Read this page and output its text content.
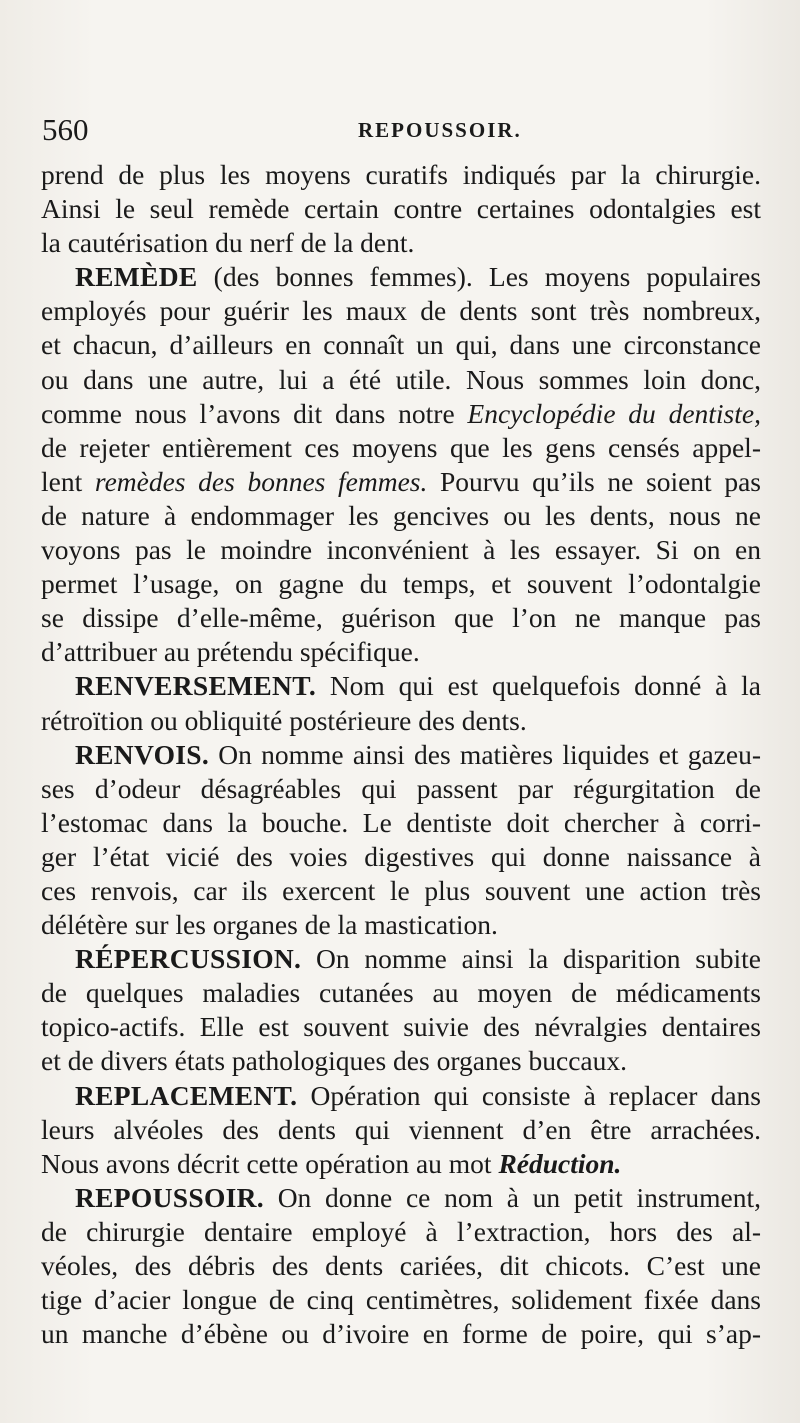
560	REPOUSSOIR.
prend de plus les moyens curatifs indiqués par la chirurgie.
Ainsi le seul remède certain contre certaines odontalgies est
la cautérisation du nerf de la dent.
REMÈDE (des bonnes femmes). Les moyens populaires
employés pour guérir les maux de dents sont très nombreux,
et chacun, d’ailleurs en connaît un qui, dans une circonstance
ou dans une autre, lui a été utile. Nous sommes loin donc,
comme nous l’avons dit dans notre Encyclopédie du dentiste,
de rejeter entièrement ces moyens que les gens censés appel-
lent remèdes des bonnes femmes. Pourvu qu’ils ne soient pas
de nature à endommager les gencives ou les dents, nous ne
voyons pas le moindre inconvénient à les essayer. Si on en
permet l’usage, on gagne du temps, et souvent l’odontalgie
se dissipe d’elle-même, guérison que l’on ne manque pas
d’attribuer au prétendu spécifique.
RENVERSEMENT. Nom qui est quelquefois donné à la
rétroïtion ou obliquité postérieure des dents.
RENVOIS. On nomme ainsi des matières liquides et gazeu-
ses d’odeur désagréables qui passent par régurgitation de
l’estomac dans la bouche. Le dentiste doit chercher à corri-
ger l’état vicié des voies digestives qui donne naissance à
ces renvois, car ils exercent le plus souvent une action très
délétère sur les organes de la mastication.
RÉPERCUSSION. On nomme ainsi la disparition subite
de quelques maladies cutanées au moyen de médicaments
topico-actifs. Elle est souvent suivie des névralgies dentaires
et de divers états pathologiques des organes buccaux.
REPLACEMENT. Opération qui consiste à replacer dans
leurs alvéoles des dents qui viennent d’en être arrachées.
Nous avons décrit cette opération au mot Réduction.
REPOUSSOIR. On donne ce nom à un petit instrument,
de chirurgie dentaire employé à l’extraction, hors des al-
véoles, des débris des dents cariées, dit chicots. C’est une
tige d’acier longue de cinq centimètres, solidement fixée dans
un manche d’ébène ou d’ivoire en forme de poire, qui s’ap-
